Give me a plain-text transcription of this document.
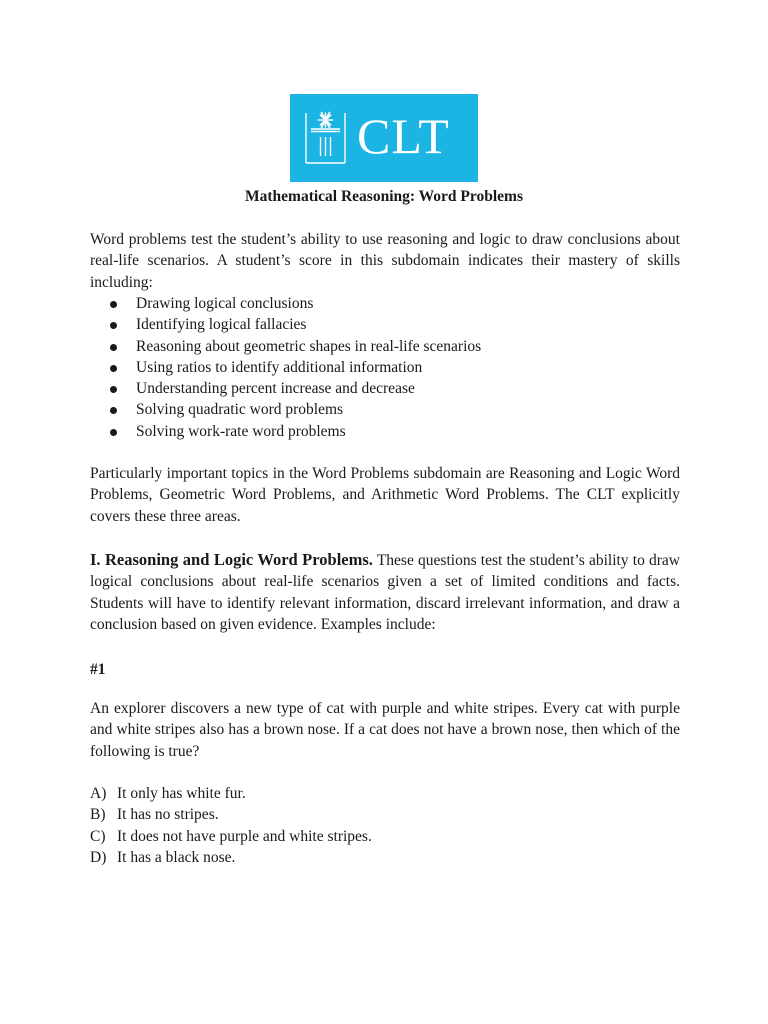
CLT
Mathematical Reasoning: Word Problems
Word problems test the student’s ability to use reasoning and logic to draw conclusions about real-life scenarios. A student’s score in this subdomain indicates their mastery of skills including:
Drawing logical conclusions
Identifying logical fallacies
Reasoning about geometric shapes in real-life scenarios
Using ratios to identify additional information
Understanding percent increase and decrease
Solving quadratic word problems
Solving work-rate word problems
Particularly important topics in the Word Problems subdomain are Reasoning and Logic Word Problems, Geometric Word Problems, and Arithmetic Word Problems. The CLT explicitly covers these three areas.
I. Reasoning and Logic Word Problems. These questions test the student’s ability to draw logical conclusions about real-life scenarios given a set of limited conditions and facts. Students will have to identify relevant information, discard irrelevant information, and draw a conclusion based on given evidence. Examples include:
#1
An explorer discovers a new type of cat with purple and white stripes. Every cat with purple and white stripes also has a brown nose. If a cat does not have a brown nose, then which of the following is true?
A) It only has white fur.
B) It has no stripes.
C) It does not have purple and white stripes.
D) It has a black nose.
